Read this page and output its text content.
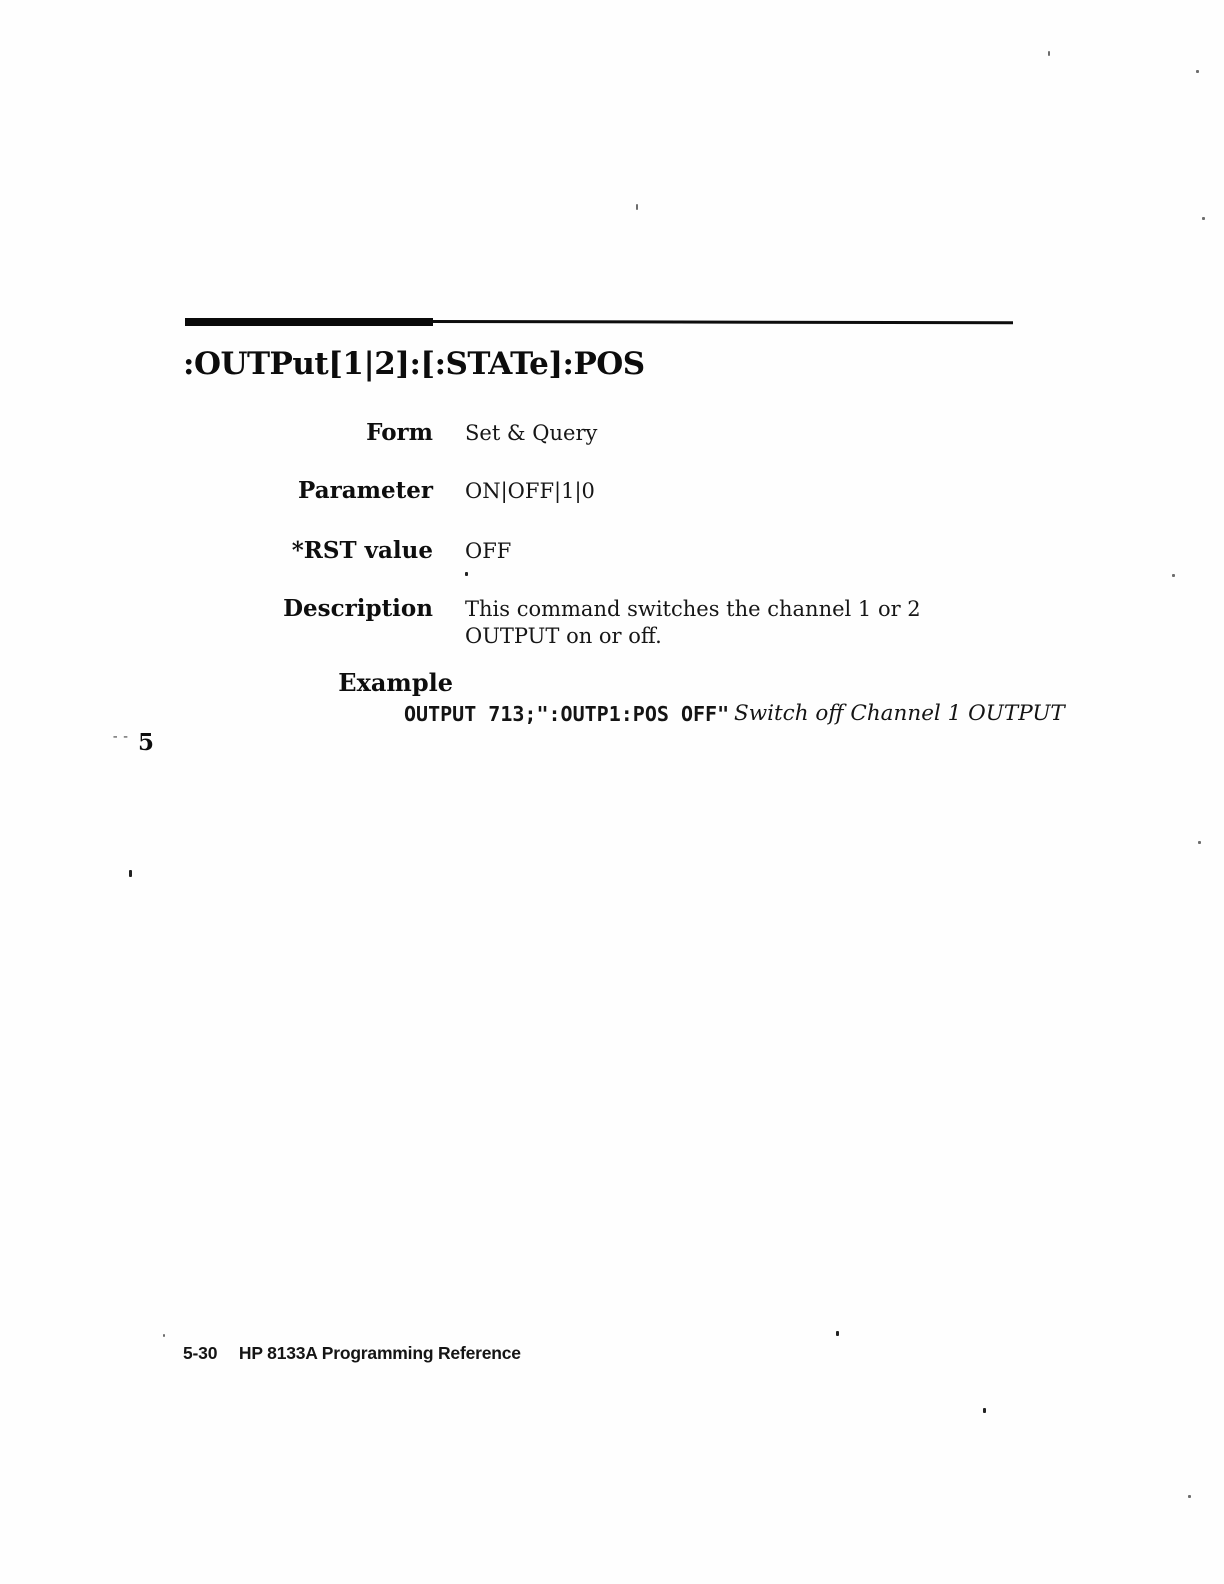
:OUTPut[1|2]:[:STATe]:POS
Form Set & Query
Parameter ON|OFF|1|0
*RST value OFF
Description This command switches the channel 1 or 2 OUTPUT on or off.
Example
OUTPUT 713;":OUTP1:POS OFF" Switch off Channel 1 OUTPUT
-- 5
5-30 HP 8133A Programming Reference
